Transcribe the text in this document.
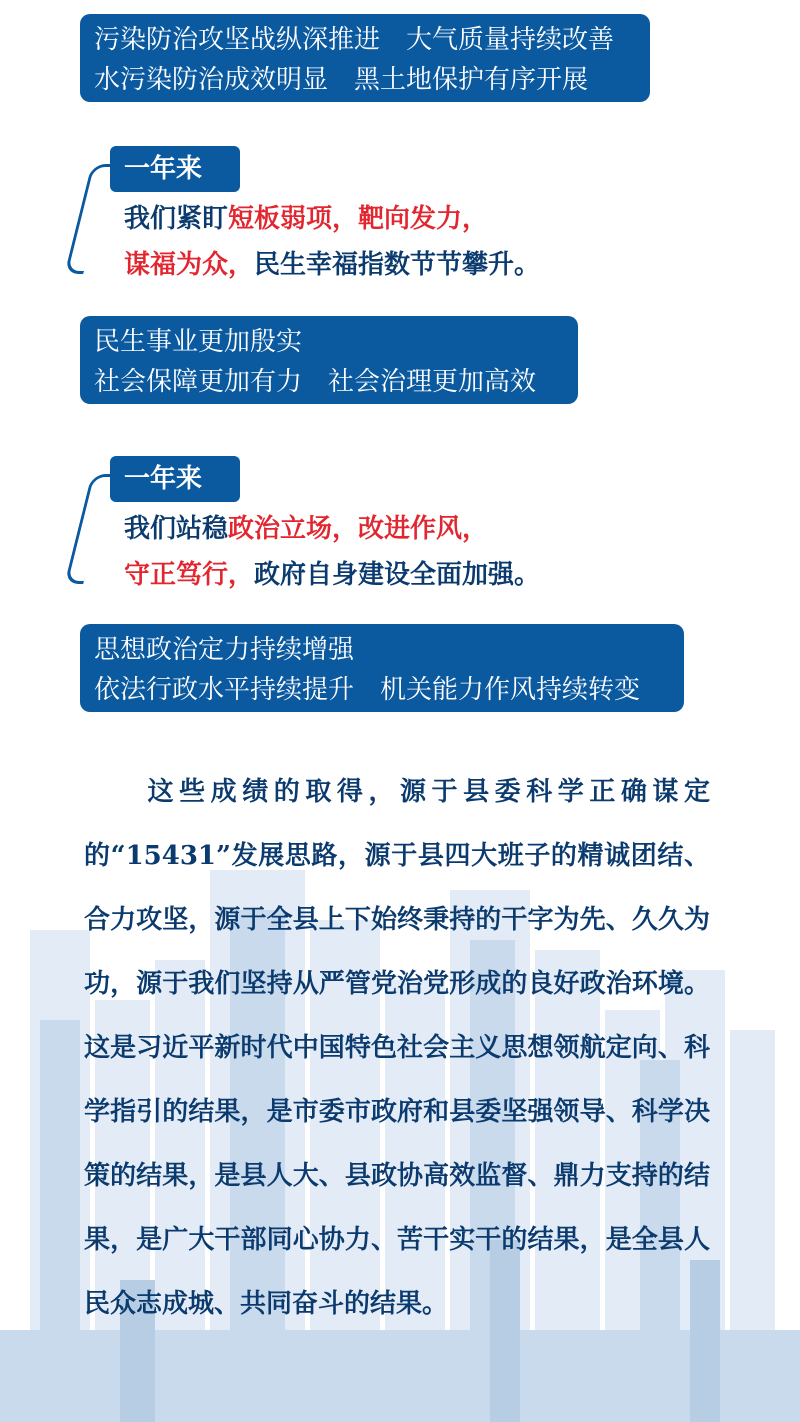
污染防治攻坚战纵深推进 大气质量持续改善
水污染防治成效明显 黑土地保护有序开展
一年来
我们紧盯短板弱项，靶向发力，
谋福为众，民生幸福指数节节攀升。
民生事业更加殷实
社会保障更加有力 社会治理更加高效
一年来
我们站稳政治立场，改进作风，
守正笃行，政府自身建设全面加强。
思想政治定力持续增强
依法行政水平持续提升 机关能力作风持续转变
这些成绩的取得，源于县委科学正确谋定的“15431”发展思路，源于县四大班子的精诚团结、合力攻坚，源于全县上下始终秉持的干字为先、久久为功，源于我们坚持从严管党治党形成的良好政治环境。这是习近平新时代中国特色社会主义思想领航定向、科学指引的结果，是市委市政府和县委坚强领导、科学决策的结果，是县人大、县政协高效监督、鼎力支持的结果，是广大干部同心协力、苦干实干的结果，是全县人民众志成城、共同奋斗的结果。
